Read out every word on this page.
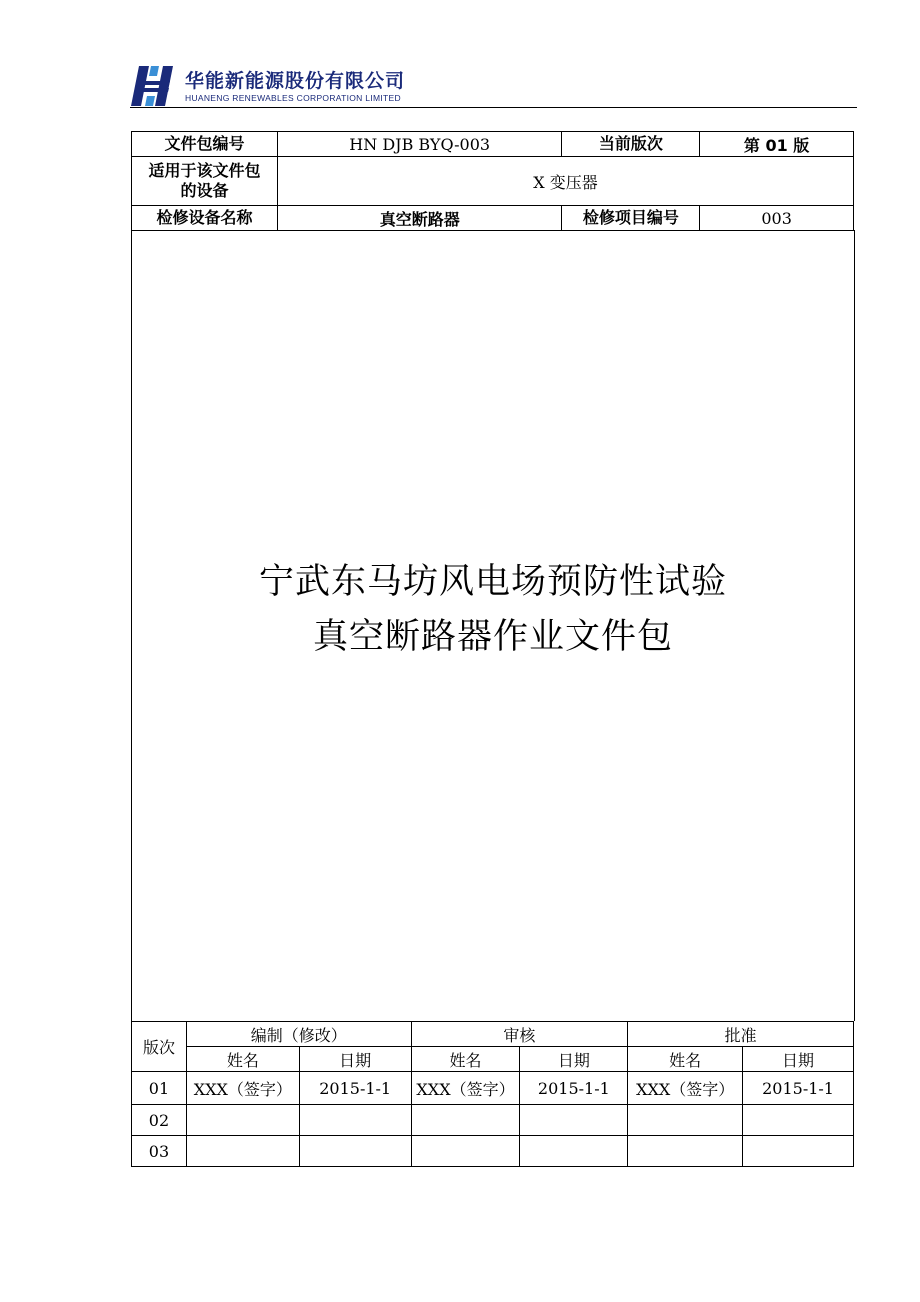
华能新能源股份有限公司
HUANENG RENEWABLES CORPORATION LIMITED
文件包编号	HN DJB BYQ-003	当前版次	第 01 版

适用于该文件包的设备	X 变压器		
检修设备名称	真空断路器	检修项目编号	003
宁武东马坊风电场预防性试验
真空断路器作业文件包
版次	编制（修改）		审核		批准	
	姓名	日期	姓名	日期	姓名	日期
01	XXX（签字）	2015-1-1	XXX（签字）	2015-1-1	XXX（签字）	2015-1-1
02						
03						
